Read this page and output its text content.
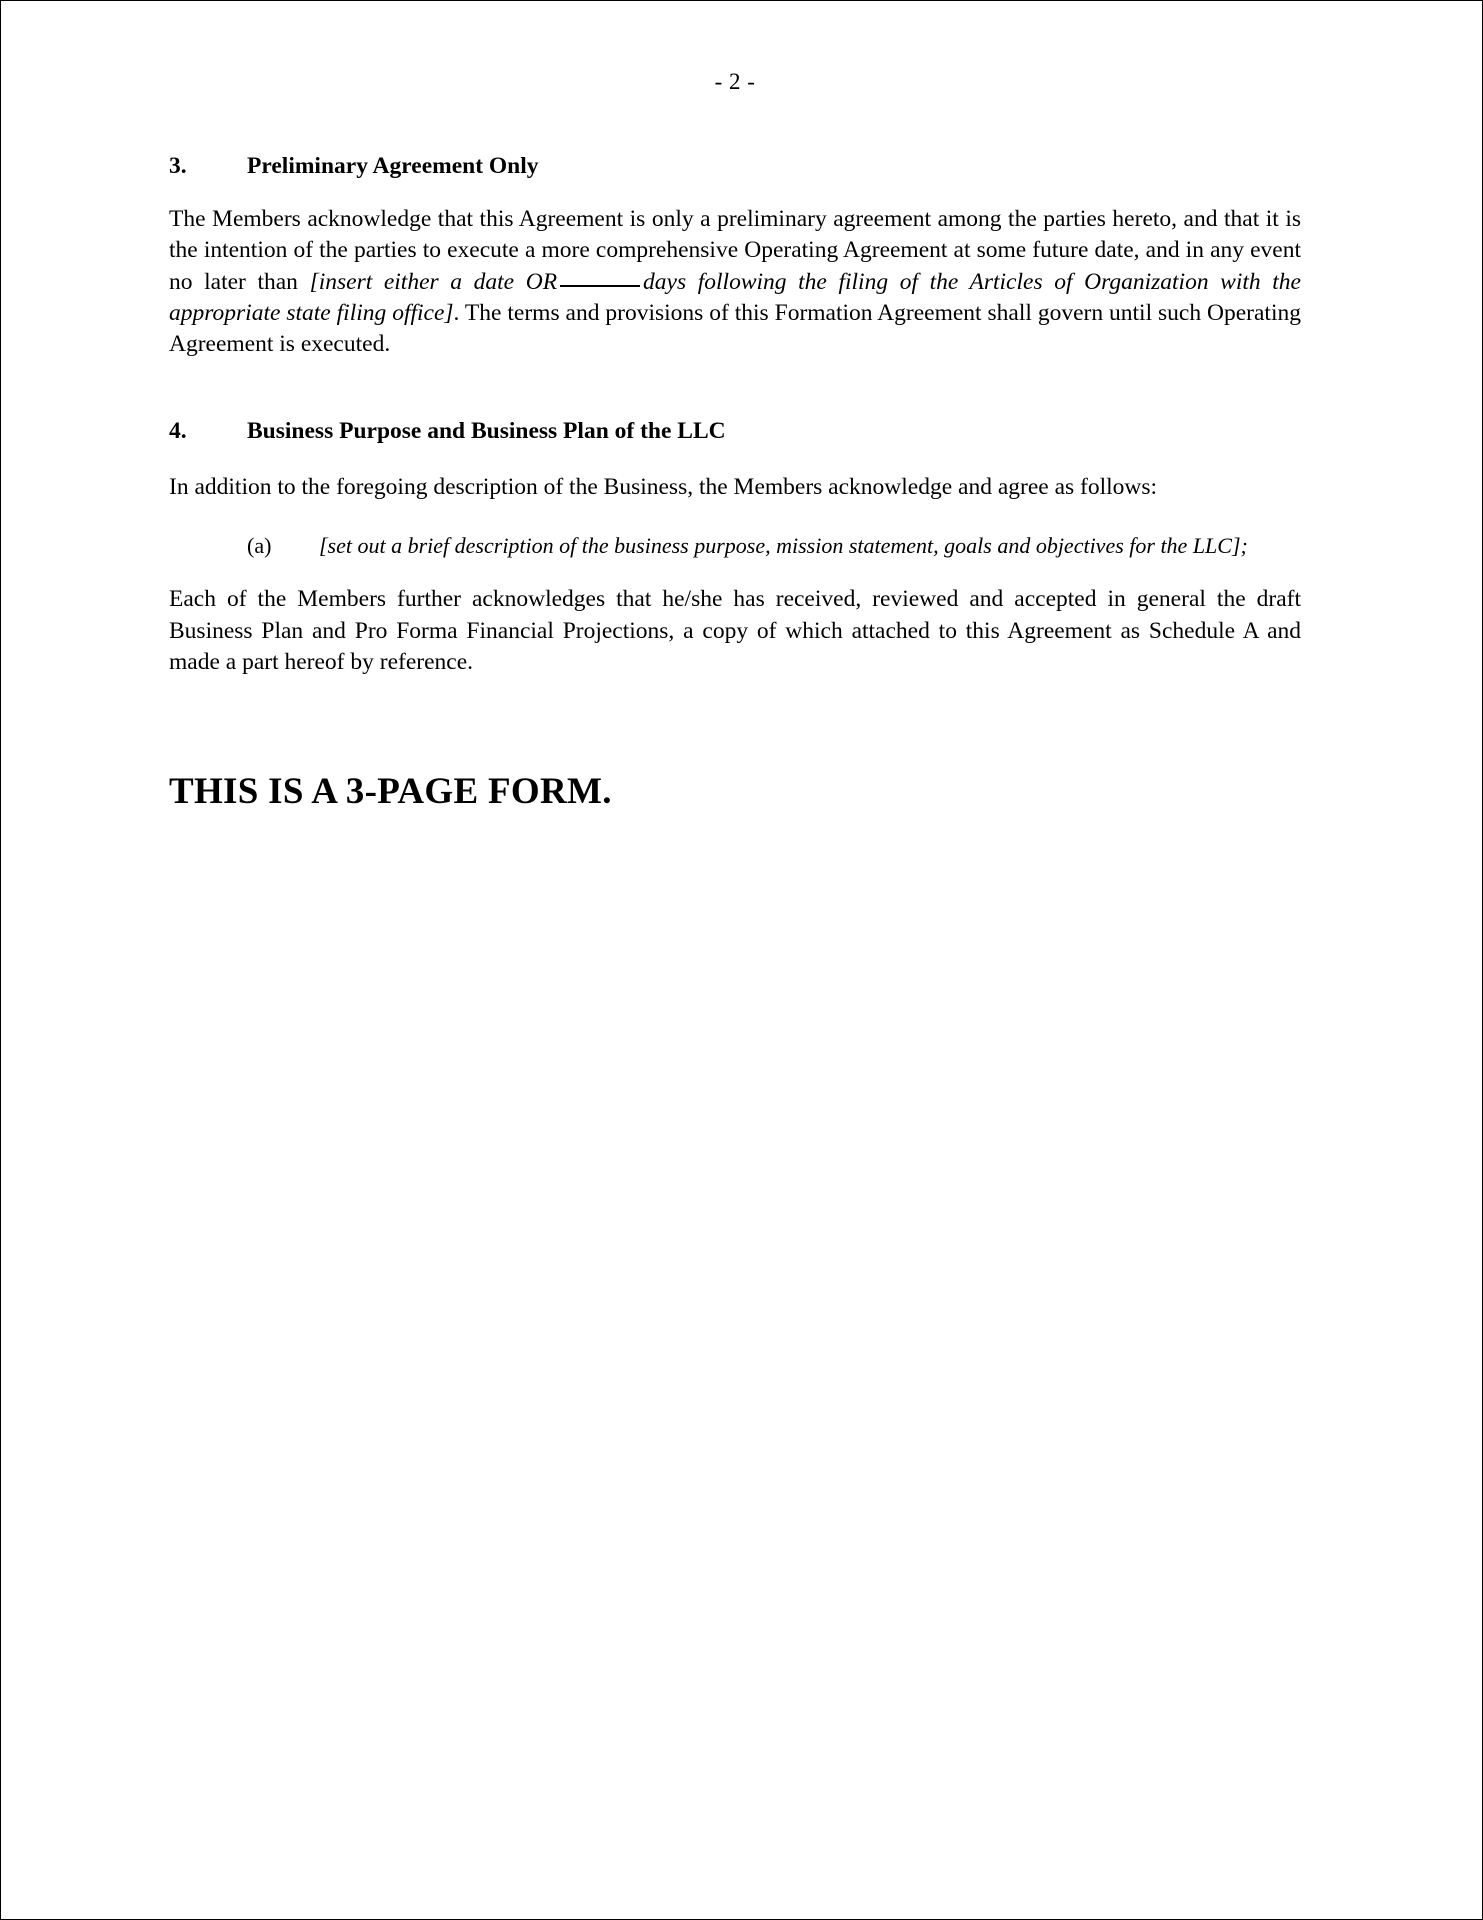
- 2 -
3.	Preliminary Agreement Only

The Members acknowledge that this Agreement is only a preliminary agreement among the parties hereto, and that it is the intention of the parties to execute a more comprehensive Operating Agreement at some future date, and in any event no later than [insert either a date OR	days following the filing of the Articles of Organization with the appropriate state filing office]. The terms and provisions of this Formation Agreement shall govern until such Operating Agreement is executed.

4.	Business Purpose and Business Plan of the LLC

In addition to the foregoing description of the Business, the Members acknowledge and agree as follows:

(a)	[set out a brief description of the business purpose, mission statement, goals and objectives for the LLC];

Each of the Members further acknowledges that he/she has received, reviewed and accepted in general the draft Business Plan and Pro Forma Financial Projections, a copy of which attached to this Agreement as Schedule A and made a part hereof by reference.

THIS IS A 3-PAGE FORM.
